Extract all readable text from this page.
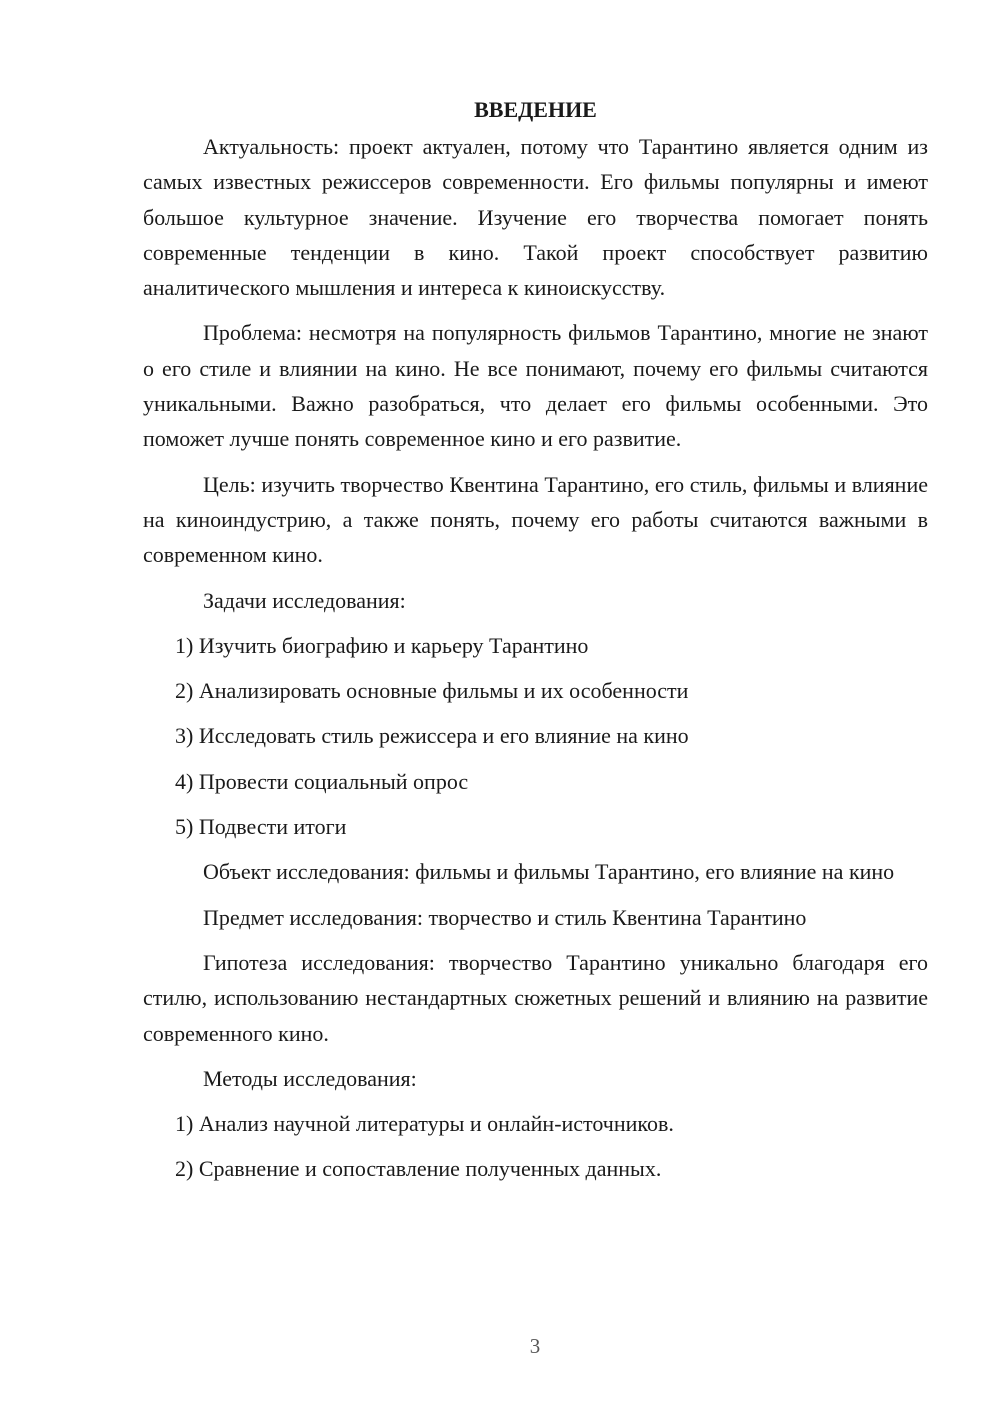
ВВЕДЕНИЕ

Актуальность: проект актуален, потому что Тарантино является одним из самых известных режиссеров современности. Его фильмы популярны и имеют большое культурное значение. Изучение его творчества помогает понять современные тенденции в кино. Такой проект способствует развитию аналитического мышления и интереса к киноискусству.

Проблема: несмотря на популярность фильмов Тарантино, многие не знают о его стиле и влиянии на кино. Не все понимают, почему его фильмы считаются уникальными. Важно разобраться, что делает его фильмы особенными. Это поможет лучше понять современное кино и его развитие.

Цель: изучить творчество Квентина Тарантино, его стиль, фильмы и влияние на киноиндустрию, а также понять, почему его работы считаются важными в современном кино.

Задачи исследования:
1) Изучить биографию и карьеру Тарантино
2) Анализировать основные фильмы и их особенности
3) Исследовать стиль режиссера и его влияние на кино
4) Провести социальный опрос
5) Подвести итоги

Объект исследования: фильмы и фильмы Тарантино, его влияние на кино

Предмет исследования: творчество и стиль Квентина Тарантино

Гипотеза исследования: творчество Тарантино уникально благодаря его стилю, использованию нестандартных сюжетных решений и влиянию на развитие современного кино.

Методы исследования:
1) Анализ научной литературы и онлайн-источников.
2) Сравнение и сопоставление полученных данных.
3
